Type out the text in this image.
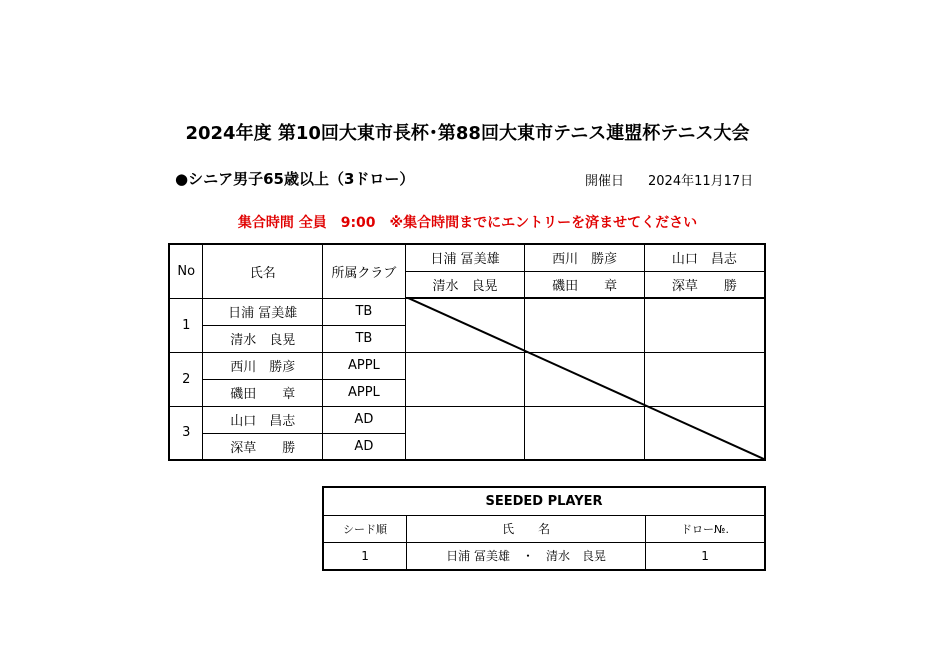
2024年度 第10回大東市長杯･第88回大東市テニス連盟杯テニス大会
●シニア男子65歳以上（3ドロー）	開催日 2024年11月17日
集合時間 全員　9:00　※集合時間までにエントリーを済ませてください
No	氏名	所属クラブ	日浦 冨美雄	西川　勝彦	山口　昌志
			清水　良晃	磯田　　章	深草　　勝
1	日浦 冨美雄	TB			
	清水　良晃	TB			
2	西川　勝彦	APPL			
	磯田　　章	APPL			
3	山口　昌志	AD			
	深草　　勝	AD			
SEEDED PLAYER		
シード順	氏　　名	ドロー№.
1	日浦 冨美雄　・　清水　良晃	1
